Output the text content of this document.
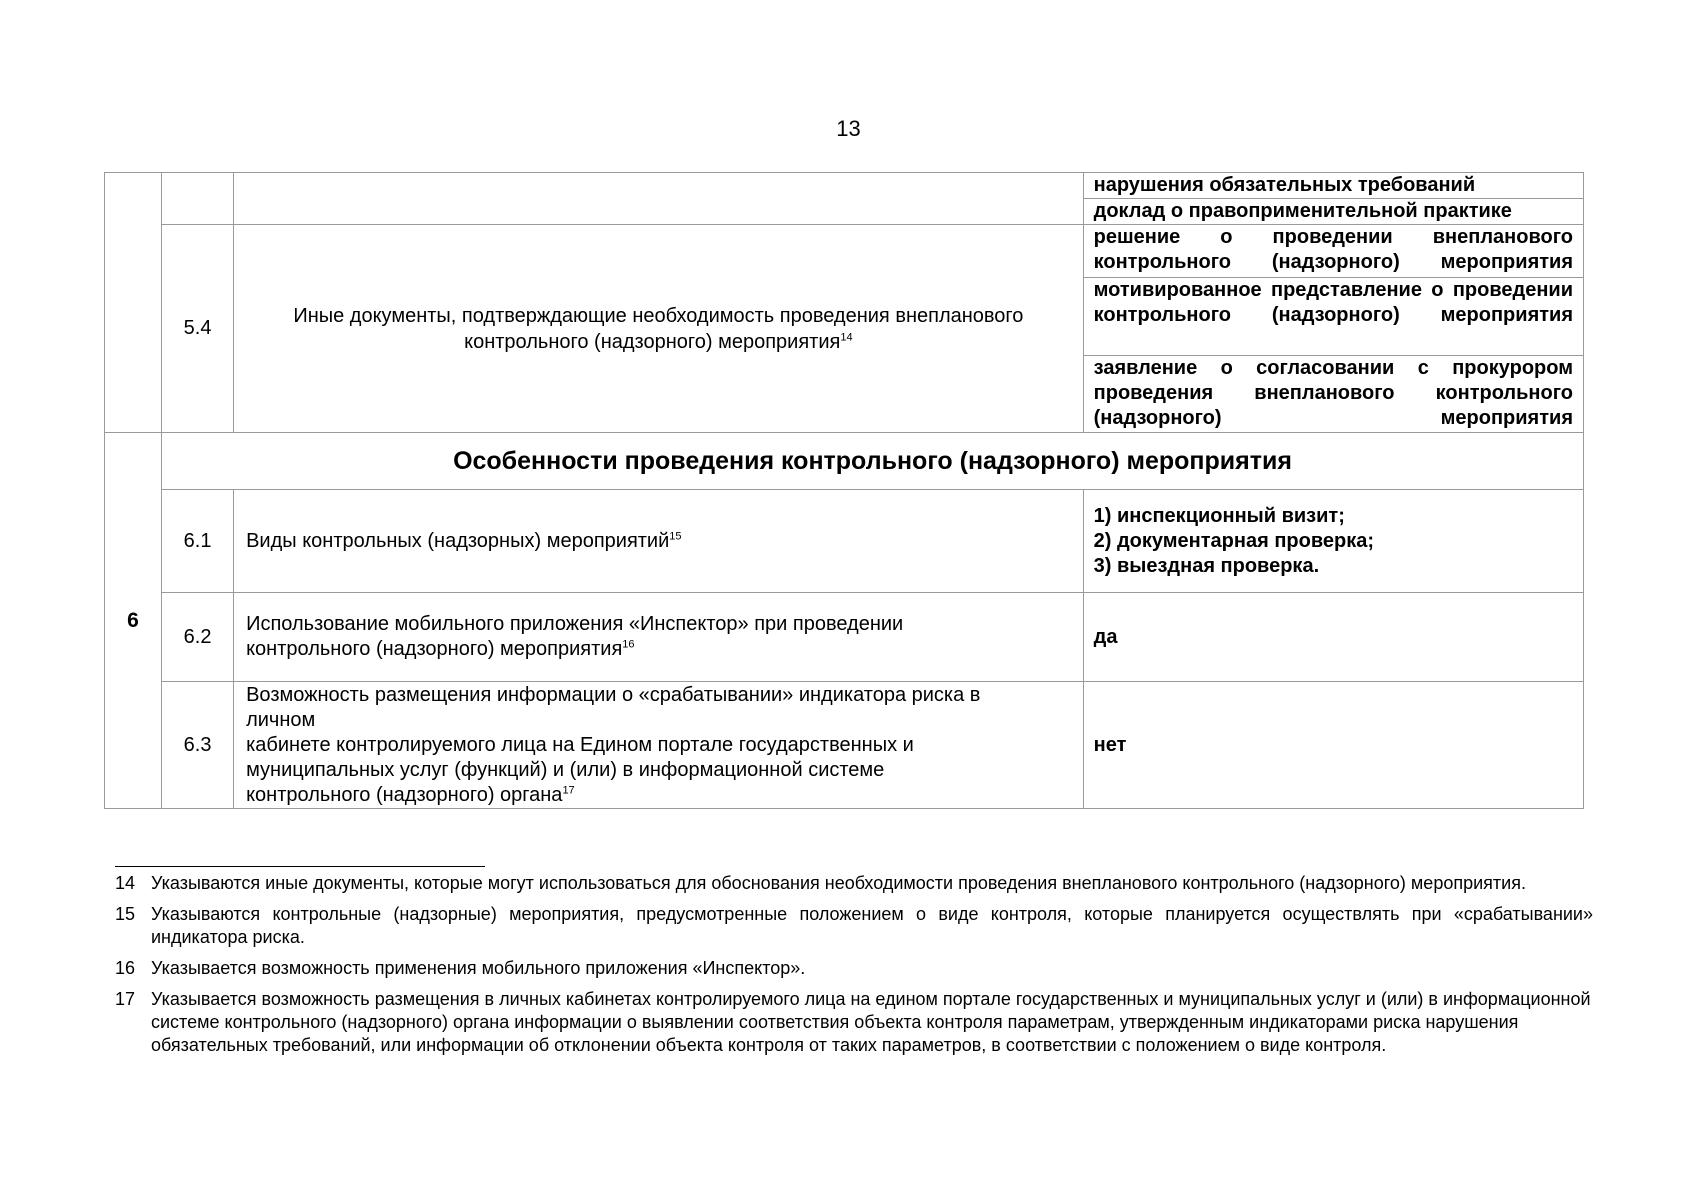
13

			нарушения обязательных требований
доклад о правоприменительной практике

	5.4	Иные документы, подтверждающие необходимость проведения внепланового контрольного (надзорного) мероприятия$^{14}$	решение о проведении внепланового контрольного (надзорного) мероприятия
мотивированное представление о проведении контрольного (надзорного) мероприятия
заявление о согласовании с прокурором проведения внепланового контрольного (надзорного) мероприятия

6	Особенности проведения контрольного (надзорного) мероприятия		
	6.1	Виды контрольных (надзорных) мероприятий$^{15}$	1) инспекционный визит;
2) документарная проверка;
3) выездная проверка.

	6.2	Использование мобильного приложения «Инспектор» при проведении
контрольного (надзорного) мероприятия$^{16}$	да
	6.3	Возможность размещения информации о «срабатывании» индикатора риска в
личном
кабинете контролируемого лица на Едином портале государственных и
муниципальных услуг (функций) и (или) в информационной системе
контрольного (надзорного) органа$^{17}$	нет
14 Указываются иные документы, которые могут использоваться для обоснования необходимости проведения внепланового контрольного (надзорного) мероприятия.
15 Указываются контрольные (надзорные) мероприятия, предусмотренные положением о виде контроля, которые планируется осуществлять при «срабатывании» индикатора риска.
16 Указывается возможность применения мобильного приложения «Инспектор».
17 Указывается возможность размещения в личных кабинетах контролируемого лица на едином портале государственных и муниципальных услуг и (или) в информационной системе контрольного (надзорного) органа информации о выявлении соответствия объекта контроля параметрам, утвержденным индикаторами риска нарушения обязательных требований, или информации об отклонении объекта контроля от таких параметров, в соответствии с положением о виде контроля.
